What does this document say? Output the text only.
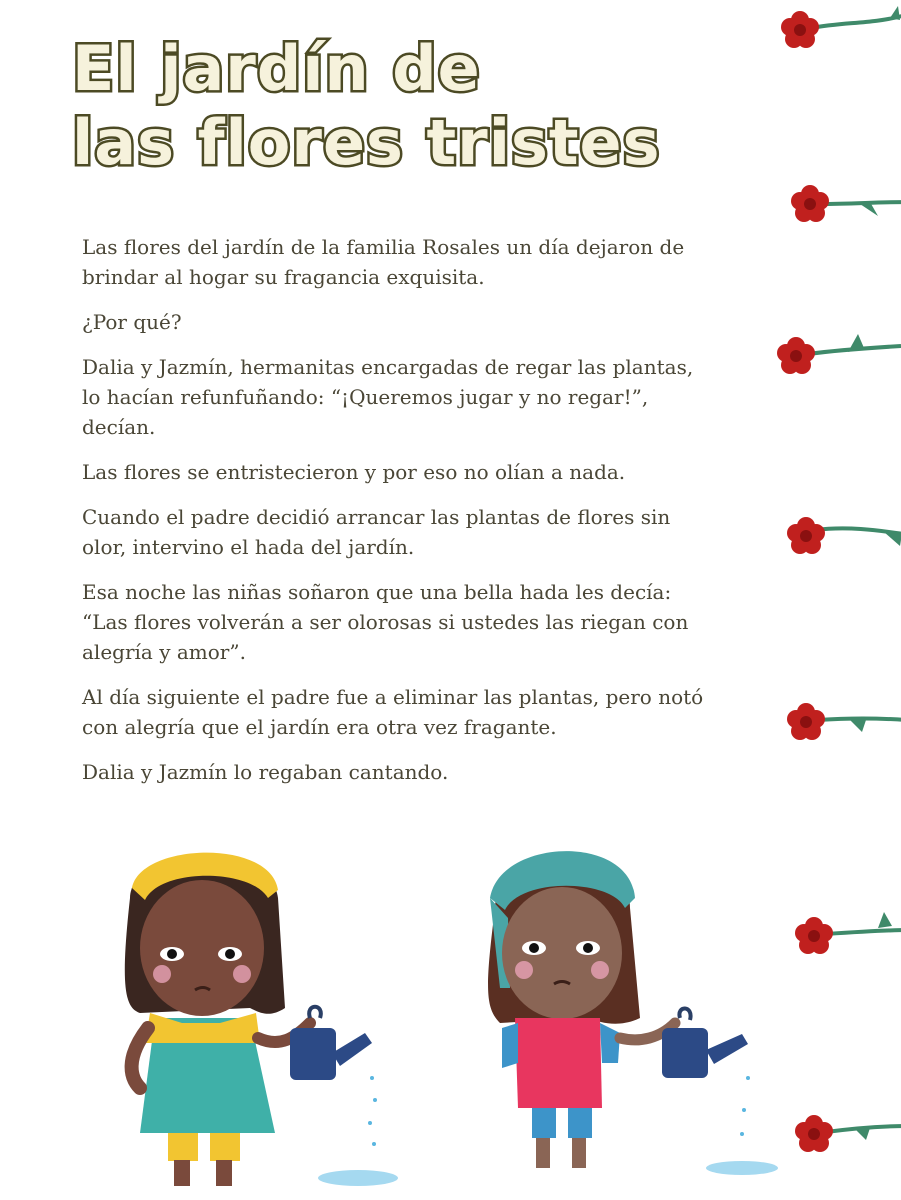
El jardín de
las flores tristes

Las flores del jardín de la familia Rosales un día dejaron de brindar al hogar su fragancia exquisita.

¿Por qué?

Dalia y Jazmín, hermanitas encargadas de regar las plantas, lo hacían refunfuñando: “¡Queremos jugar y no regar!”, decían.

Las flores se entristecieron y por eso no olían a nada.

Cuando el padre decidió arrancar las plantas de flores sin olor, intervino el hada del jardín.

Esa noche las niñas soñaron que una bella hada les decía: “Las flores volverán a ser olorosas si ustedes las riegan con alegría y amor”.

Al día siguiente el padre fue a eliminar las plantas, pero notó con alegría que el jardín era otra vez fragante.

Dalia y Jazmín lo regaban cantando.
